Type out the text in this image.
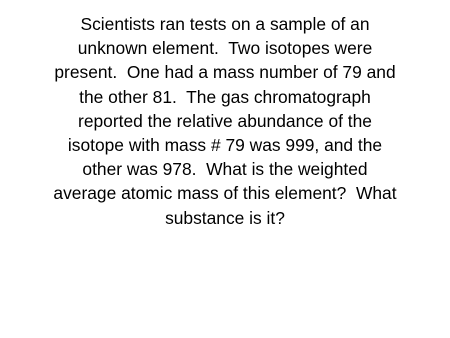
Scientists ran tests on a sample of an
unknown element.  Two isotopes were
present.  One had a mass number of 79 and
the other 81.  The gas chromatograph
reported the relative abundance of the
isotope with mass # 79 was 999, and the
other was 978.  What is the weighted
average atomic mass of this element?  What
substance is it?
